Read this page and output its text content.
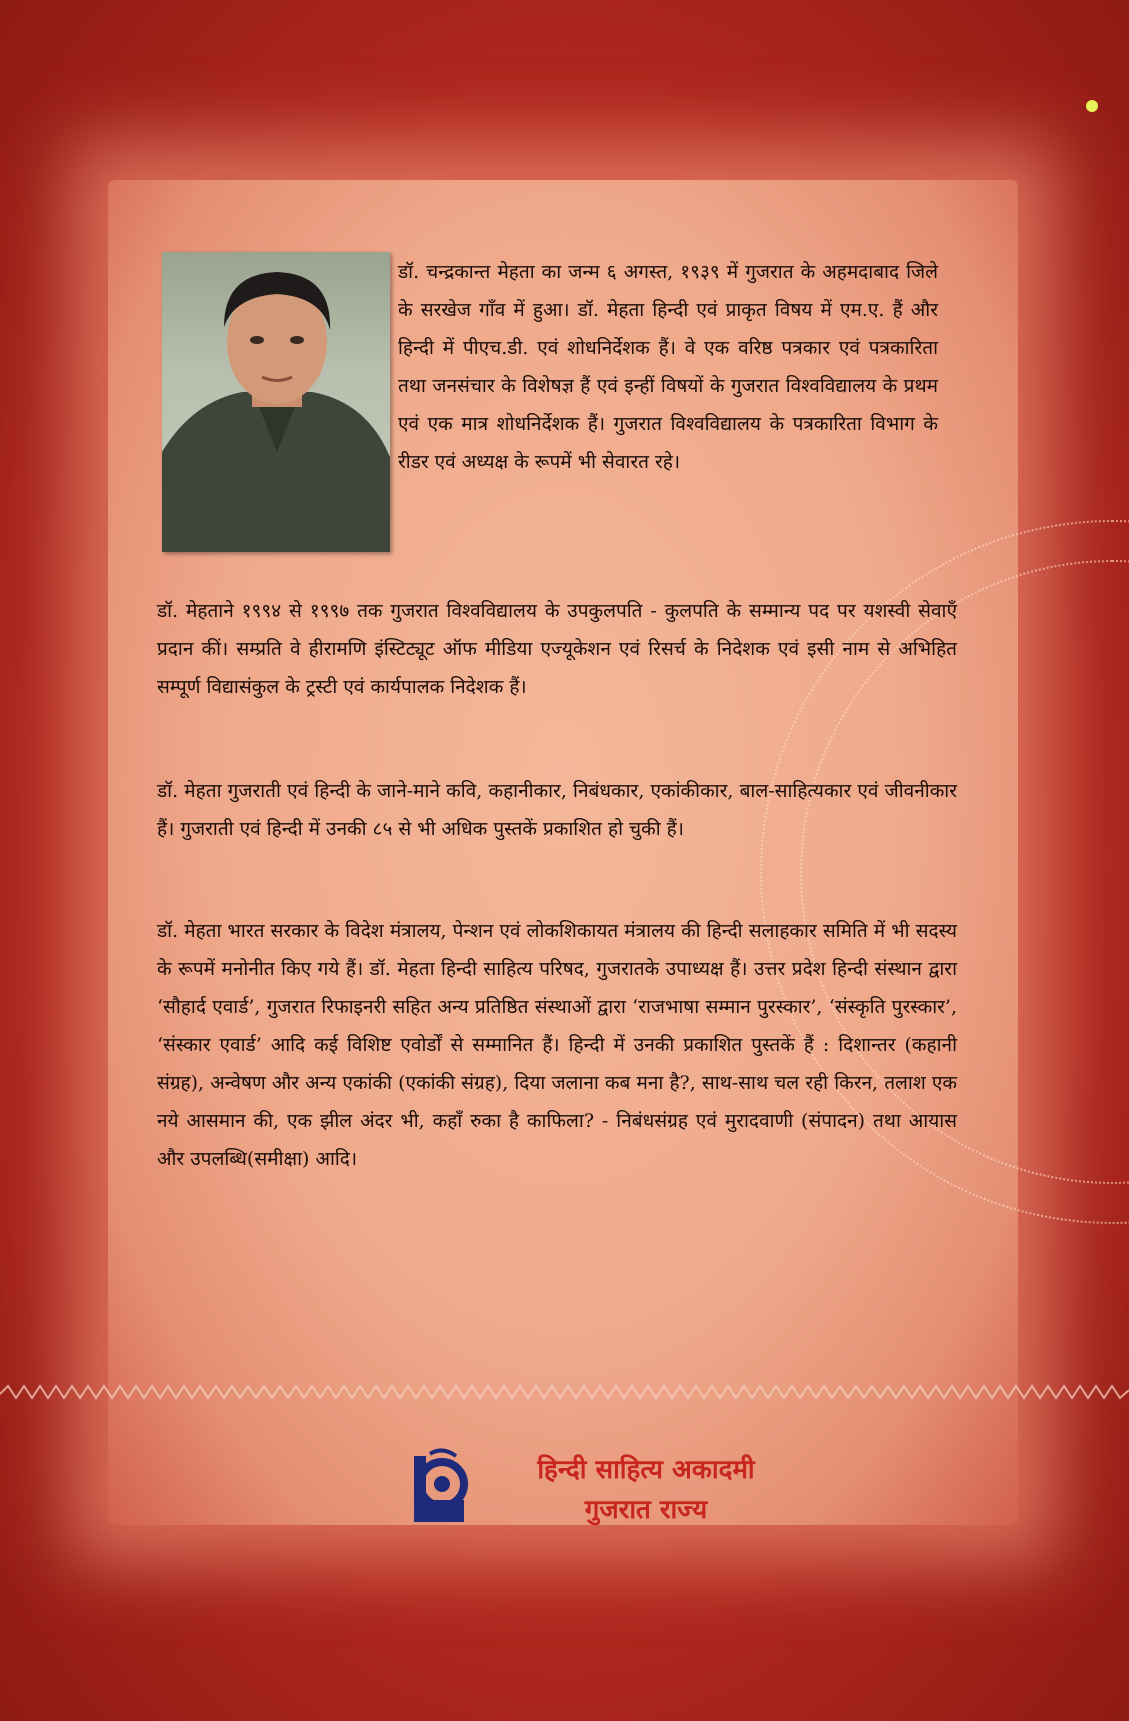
डॉ. चन्द्रकान्त मेहता का जन्म ६ अगस्त, १९३९ में गुजरात के अहमदाबाद जिले के सरखेज गाँव में हुआ। डॉ. मेहता हिन्दी एवं प्राकृत विषय में एम.ए. हैं और हिन्दी में पीएच.डी. एवं शोधनिर्देशक हैं। वे एक वरिष्ठ पत्रकार एवं पत्रकारिता तथा जनसंचार के विशेषज्ञ हैं एवं इन्हीं विषयों के गुजरात विश्वविद्यालय के प्रथम एवं एक मात्र शोधनिर्देशक हैं। गुजरात विश्वविद्यालय के पत्रकारिता विभाग के रीडर एवं अध्यक्ष के रूपमें भी सेवारत रहे।
डॉ. मेहताने १९९४ से १९९७ तक गुजरात विश्वविद्यालय के उपकुलपति - कुलपति के सम्मान्य पद पर यशस्वी सेवाएँ प्रदान कीं। सम्प्रति वे हीरामणि इंस्टिट्यूट ऑफ मीडिया एज्यूकेशन एवं रिसर्च के निदेशक एवं इसी नाम से अभिहित सम्पूर्ण विद्यासंकुल के ट्रस्टी एवं कार्यपालक निदेशक हैं।
डॉ. मेहता गुजराती एवं हिन्दी के जाने-माने कवि, कहानीकार, निबंधकार, एकांकीकार, बाल-साहित्यकार एवं जीवनीकार हैं। गुजराती एवं हिन्दी में उनकी ८५ से भी अधिक पुस्तकें प्रकाशित हो चुकी हैं।
डॉ. मेहता भारत सरकार के विदेश मंत्रालय, पेन्शन एवं लोकशिकायत मंत्रालय की हिन्दी सलाहकार समिति में भी सदस्य के रूपमें मनोनीत किए गये हैं। डॉ. मेहता हिन्दी साहित्य परिषद, गुजरातके उपाध्यक्ष हैं। उत्तर प्रदेश हिन्दी संस्थान द्वारा ‘सौहार्द एवार्ड’, गुजरात रिफाइनरी सहित अन्य प्रतिष्ठित संस्थाओं द्वारा ‘राजभाषा सम्मान पुरस्कार’, ‘संस्कृति पुरस्कार’, ‘संस्कार एवार्ड’ आदि कई विशिष्ट एवोर्डों से सम्मानित हैं। हिन्दी में उनकी प्रकाशित पुस्तकें हैं : दिशान्तर (कहानी संग्रह), अन्वेषण और अन्य एकांकी (एकांकी संग्रह), दिया जलाना कब मना है?, साथ-साथ चल रही किरन, तलाश एक नये आसमान की, एक झील अंदर भी, कहाँ रुका है काफिला? - निबंधसंग्रह एवं मुरादवाणी (संपादन) तथा आयास और उपलब्धि(समीक्षा) आदि।
हिन्दी साहित्य अकादमी
गुजरात राज्य
